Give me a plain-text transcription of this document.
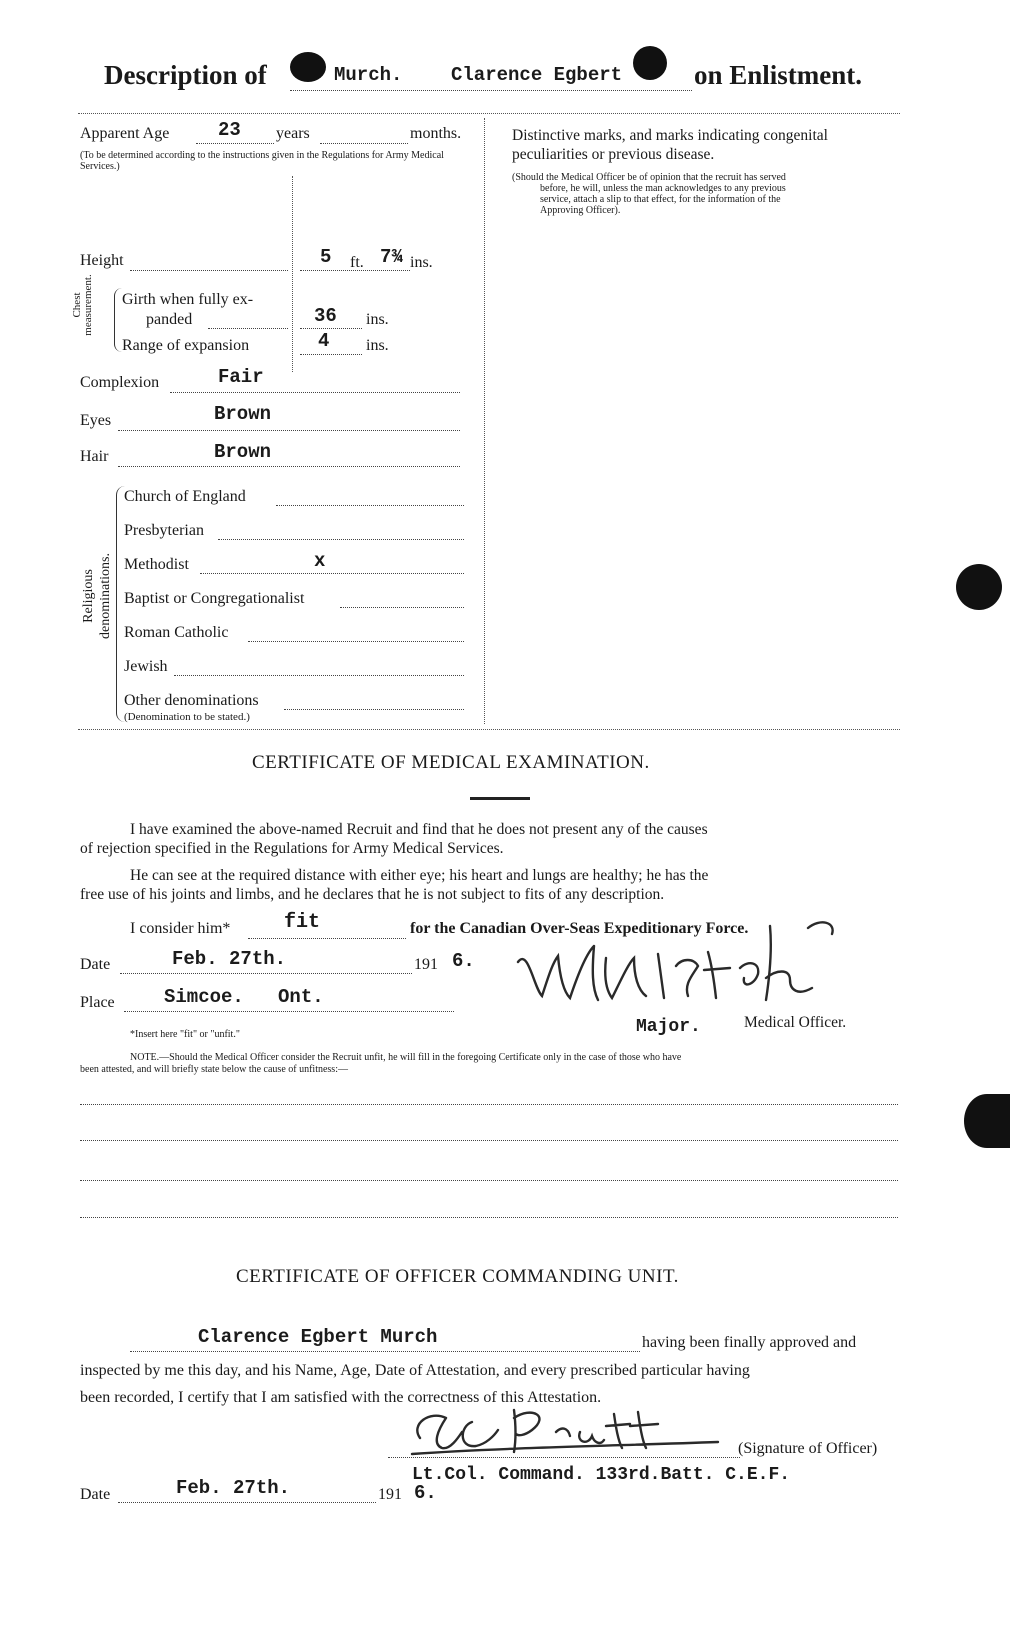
Description of	Murch.	Clarence Egbert	on Enlistment.
Apparent Age	23 years	months.
(To be determined according to the instructions given in the Regulations for Army Medical Services.)
Height	5 ft. 7¾ ins.
Chest measurement. Girth when fully ex-
panded	36 ins.
Range of expansion	4 ins.
Complexion	Fair
Eyes	Brown
Hair	Brown
Religious denominations.
Church of England
Presbyterian
Methodist	x
Baptist or Congregationalist
Roman Catholic
Jewish
Other denominations
(Denomination to be stated.)
Distinctive marks, and marks indicating congenital
peculiarities or previous disease.
(Should the Medical Officer be of opinion that the recruit has served
before, he will, unless the man acknowledges to any previous
service, attach a slip to that effect, for the information of the
Approving Officer).
CERTIFICATE OF MEDICAL EXAMINATION.
I have examined the above-named Recruit and find that he does not present any of the causes
of rejection specified in the Regulations for Army Medical Services.
He can see at the required distance with either eye; his heart and lungs are healthy; he has the
free use of his joints and limbs, and he declares that he is not subject to fits of any description.
I consider him*	fit	for the Canadian Over-Seas Expeditionary Force.
Date	Feb. 27th.	191 6.
Place	Simcoe.   Ont.
Major.	Medical Officer.
*Insert here "fit" or "unfit."
NOTE.—Should the Medical Officer consider the Recruit unfit, he will fill in the foregoing Certificate only in the case of those who have
been attested, and will briefly state below the cause of unfitness:—
CERTIFICATE OF OFFICER COMMANDING UNIT.
Clarence Egbert Murch	having been finally approved and
inspected by me this day, and his Name, Age, Date of Attestation, and every prescribed particular having
been recorded, I certify that I am satisfied with the correctness of this Attestation.
(Signature of Officer)
Lt.Col. Command. 133rd.Batt. C.E.F.
Date	Feb. 27th.	191 6.
